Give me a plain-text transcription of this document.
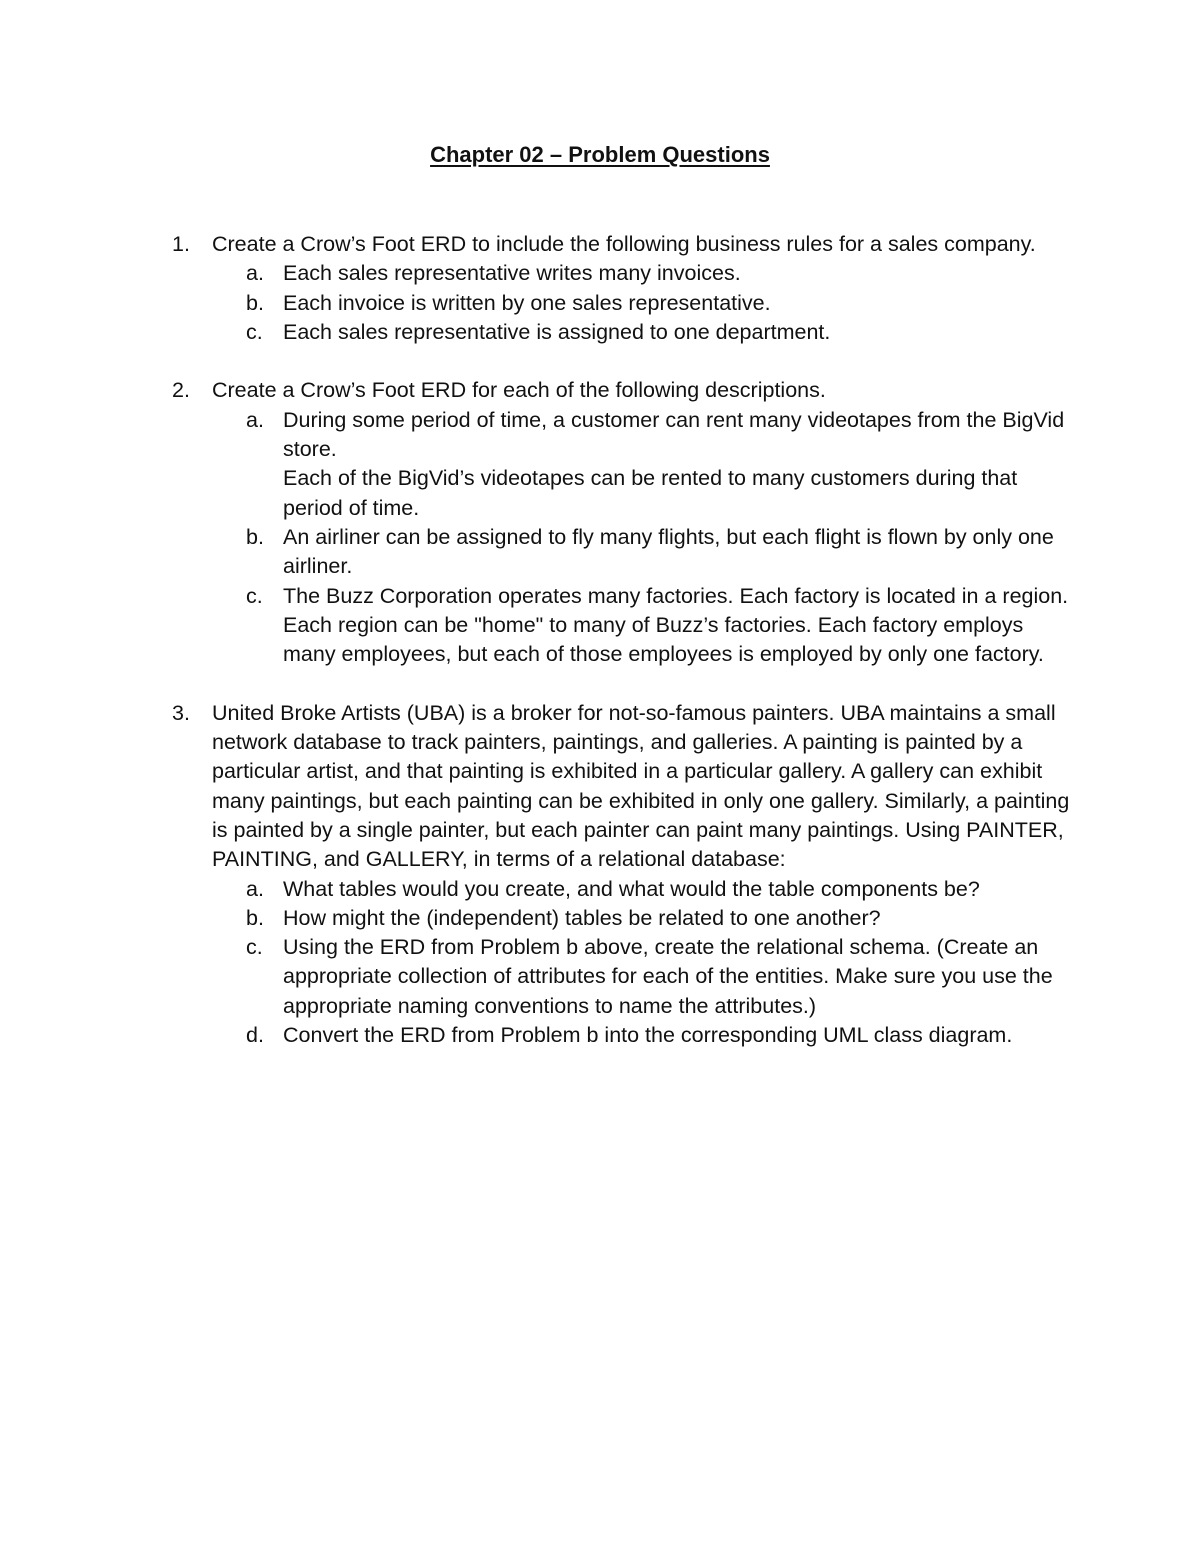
Chapter 02 – Problem Questions
1. Create a Crow’s Foot ERD to include the following business rules for a sales company.
a. Each sales representative writes many invoices.
b. Each invoice is written by one sales representative.
c. Each sales representative is assigned to one department.
2. Create a Crow’s Foot ERD for each of the following descriptions.
a. During some period of time, a customer can rent many videotapes from the BigVid store.
Each of the BigVid’s videotapes can be rented to many customers during that period of time.
b. An airliner can be assigned to fly many flights, but each flight is flown by only one airliner.
c. The Buzz Corporation operates many factories. Each factory is located in a region. Each region can be "home" to many of Buzz’s factories. Each factory employs many employees, but each of those employees is employed by only one factory.
3. United Broke Artists (UBA) is a broker for not-so-famous painters. UBA maintains a small network database to track painters, paintings, and galleries. A painting is painted by a particular artist, and that painting is exhibited in a particular gallery. A gallery can exhibit many paintings, but each painting can be exhibited in only one gallery. Similarly, a painting is painted by a single painter, but each painter can paint many paintings. Using PAINTER, PAINTING, and GALLERY, in terms of a relational database:
a. What tables would you create, and what would the table components be?
b. How might the (independent) tables be related to one another?
c. Using the ERD from Problem b above, create the relational schema. (Create an appropriate collection of attributes for each of the entities. Make sure you use the appropriate naming conventions to name the attributes.)
d. Convert the ERD from Problem b into the corresponding UML class diagram.
